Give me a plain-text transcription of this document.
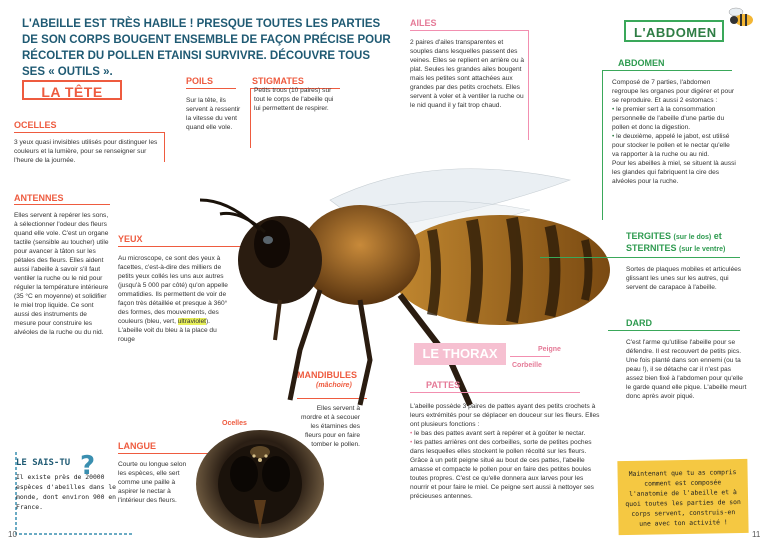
L'ABEILLE EST TRÈS HABILE ! PRESQUE TOUTES LES PARTIES DE SON CORPS BOUGENT ENSEMBLE DE FAÇON PRÉCISE POUR RÉCOLTER DU POLLEN ETAINSI SURVIVRE. DÉCOUVRE TOUS SES « OUTILS ».
LA TÊTE
OCELLES
3 yeux quasi invisibles utilisés pour distinguer les couleurs et la lumière, pour se renseigner sur l'heure de la journée.
ANTENNES
Elles servent à repérer les sons, à sélectionner l'odeur des fleurs quand elle vole. C'est un organe tactile (sensible au toucher) utile pour avancer à tâton sur les pétales des fleurs. Elles aident aussi l'abeille à savoir s'il faut ventiler la ruche ou le nid pour réguler la température intérieure (35 °C en moyenne) et solidifier le miel trop liquide. Ce sont aussi des instruments de mesure pour construire les alvéoles de la ruche ou du nid.
POILS
Sur la tête, ils servent à ressentir la vitesse du vent quand elle vole.
STIGMATES
Petits trous (10 paires) sur tout le corps de l'abeille qui lui permettent de respirer.
YEUX
Au microscope, ce sont des yeux à facettes, c'est-à-dire des milliers de petits yeux collés les uns aux autres (jusqu'à 5 000 par côté) qu'on appelle ommatidies. Ils permettent de voir de façon très détaillée et presque à 360° des formes, des mouvements, des couleurs (bleu, vert, ultraviolet). L'abeille voit du bleu à la place du rouge
?
LE SAIS-TU
Il existe près de 20000 espèces d'abeilles dans le monde, dont environ 900 en France.
LANGUE
Courte ou longue selon les espèces, elle sert comme une paille à aspirer le nectar à l'intérieur des fleurs.
Ocelles
MANDIBULES
(mâchoire)
Elles servent à mordre et à secouer les étamines des fleurs pour en faire tomber le pollen.
AILES
2 paires d'ailes transparentes et souples dans lesquelles passent des veines. Elles se replient en arrière ou à plat. Seules les grandes ailes bougent mais les petites sont attachées aux grandes par des petits crochets. Elles servent à voler et à ventiler la ruche ou le nid quand il y fait trop chaud.
L'ABDOMEN
ABDOMEN
Composé de 7 parties, l'abdomen regroupe les organes pour digérer et pour se reproduire. Et aussi 2 estomacs :
• le premier sert à la consommation personnelle de l'abeille d'une partie du pollen et donc la digestion.
• le deuxième, appelé le jabot, est utilisé pour stocker le pollen et le nectar qu'elle va rapporter à la ruche ou au nid.
Pour les abeilles à miel, se situent là aussi les glandes qui fabriquent la cire des alvéoles pour la ruche.
TERGITES (sur le dos) et STERNITES (sur le ventre)
Sortes de plaques mobiles et articulées glissant les unes sur les autres, qui servent de carapace à l'abeille.
DARD
C'est l'arme qu'utilise l'abeille pour se défendre. Il est recouvert de petits pics. Une fois planté dans son ennemi (ou ta peau !), il se détache car il n'est pas assez bien fixé à l'abdomen pour qu'elle le garde quand elle pique. L'abeille meurt donc après avoir piqué.
LE THORAX	Peigne
Corbeille
PATTES
L'abeille possède 3 paires de pattes ayant des petits crochets à leurs extrémités pour se déplacer en douceur sur les fleurs. Elles ont plusieurs fonctions :
• le bas des pattes avant sert à repérer et à goûter le nectar.
• les pattes arrières ont des corbeilles, sorte de petites poches dans lesquelles elles stockent le pollen récolté sur les fleurs. Grâce à un petit peigne situé au bout de ces pattes, l'abeille amasse et compacte le pollen pour en faire des petites boules toutes propres. C'est ce qu'elle donnera aux larves pour les nourrir et pour faire le miel. Ce peigne sert aussi à nettoyer ses précieuses antennes.
Maintenant que tu as compris comment est composée l'anatomie de l'abeille et à quoi toutes les parties de son corps servent, construis-en une avec ton activité !
10	11
